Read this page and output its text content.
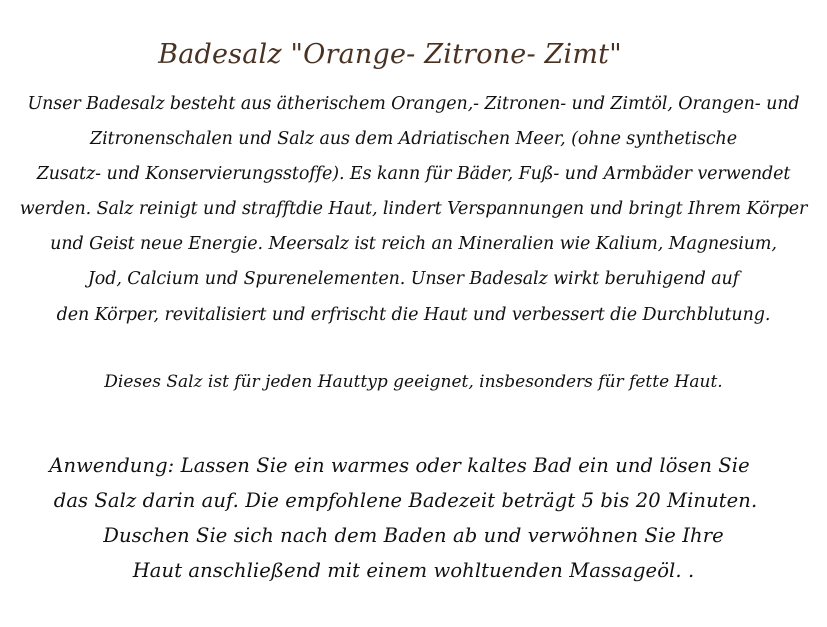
Badesalz "Orange- Zitrone- Zimt"
Unser Badesalz besteht aus ätherischem Orangen,- Zitronen- und Zimtöl, Orangen- und
Zitronenschalen und Salz aus dem Adriatischen Meer, (ohne synthetische
Zusatz- und Konservierungsstoffe). Es kann für Bäder, Fuß- und Armbäder verwendet
werden. Salz reinigt und strafftdie Haut, lindert Verspannungen und bringt Ihrem Körper
und Geist neue Energie. Meersalz ist reich an Mineralien wie Kalium, Magnesium,
Jod, Calcium und Spurenelementen. Unser Badesalz wirkt beruhigend auf
den Körper, revitalisiert und erfrischt die Haut und verbessert die Durchblutung.
Dieses Salz ist für jeden Hauttyp geeignet, insbesonders für fette Haut.
Anwendung: Lassen Sie ein warmes oder kaltes Bad ein und lösen Sie
das Salz darin auf. Die empfohlene Badezeit beträgt 5 bis 20 Minuten.
Duschen Sie sich nach dem Baden ab und verwöhnen Sie Ihre
Haut anschließend mit einem wohltuenden Massageöl. .
